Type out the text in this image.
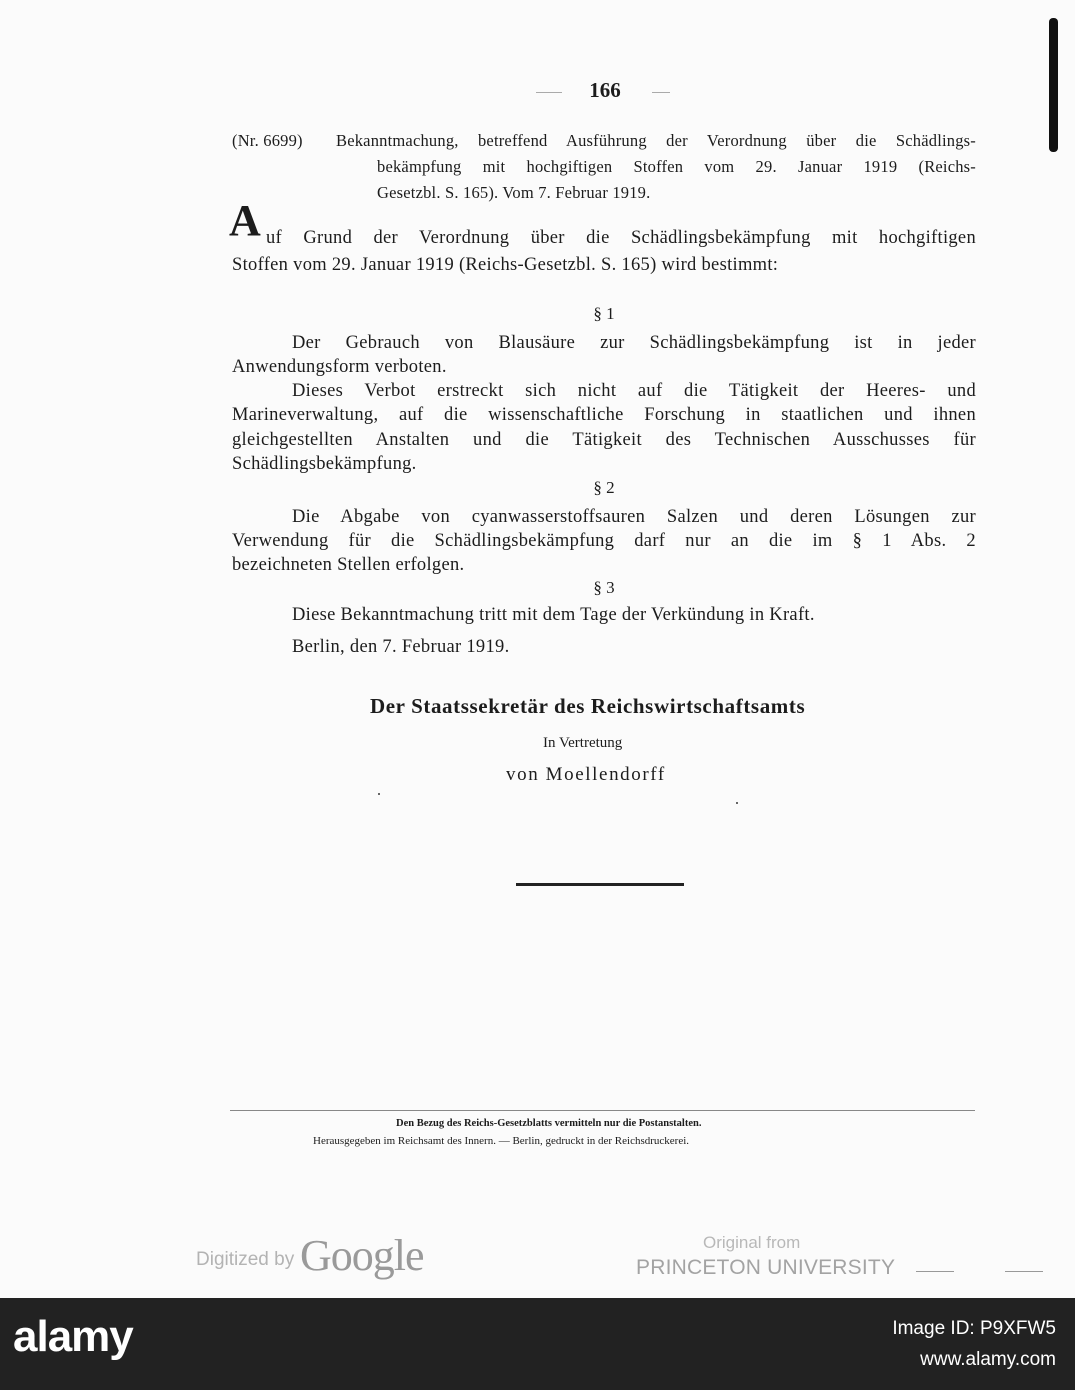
166
(Nr. 6699) Bekanntmachung, betreffend Ausführung der Verordnung über die Schädlings-
bekämpfung mit hochgiftigen Stoffen vom 29. Januar 1919 (Reichs-
Gesetzbl. S. 165). Vom 7. Februar 1919.
A uf Grund der Verordnung über die Schädlingsbekämpfung mit hochgiftigen
Stoffen vom 29. Januar 1919 (Reichs-Gesetzbl. S. 165) wird bestimmt:
§ 1
Der Gebrauch von Blausäure zur Schädlingsbekämpfung ist in jeder
Anwendungsform verboten.
Dieses Verbot erstreckt sich nicht auf die Tätigkeit der Heeres- und
Marineverwaltung, auf die wissenschaftliche Forschung in staatlichen und ihnen
gleichgestellten Anstalten und die Tätigkeit des Technischen Ausschusses für
Schädlingsbekämpfung.
§ 2
Die Abgabe von cyanwasserstoffsauren Salzen und deren Lösungen zur
Verwendung für die Schädlingsbekämpfung darf nur an die im § 1 Abs. 2
bezeichneten Stellen erfolgen.
§ 3
Diese Bekanntmachung tritt mit dem Tage der Verkündung in Kraft.
Berlin, den 7. Februar 1919.
Der Staatssekretär des Reichswirtschaftsamts
In Vertretung
von Moellendorff
Den Bezug des Reichs-Gesetzblatts vermitteln nur die Postanstalten.
Herausgegeben im Reichsamt des Innern. — Berlin, gedruckt in der Reichsdruckerei.
Digitized by Google	Original from
PRINCETON UNIVERSITY
alamy	Image ID: P9XFW5
www.alamy.com
